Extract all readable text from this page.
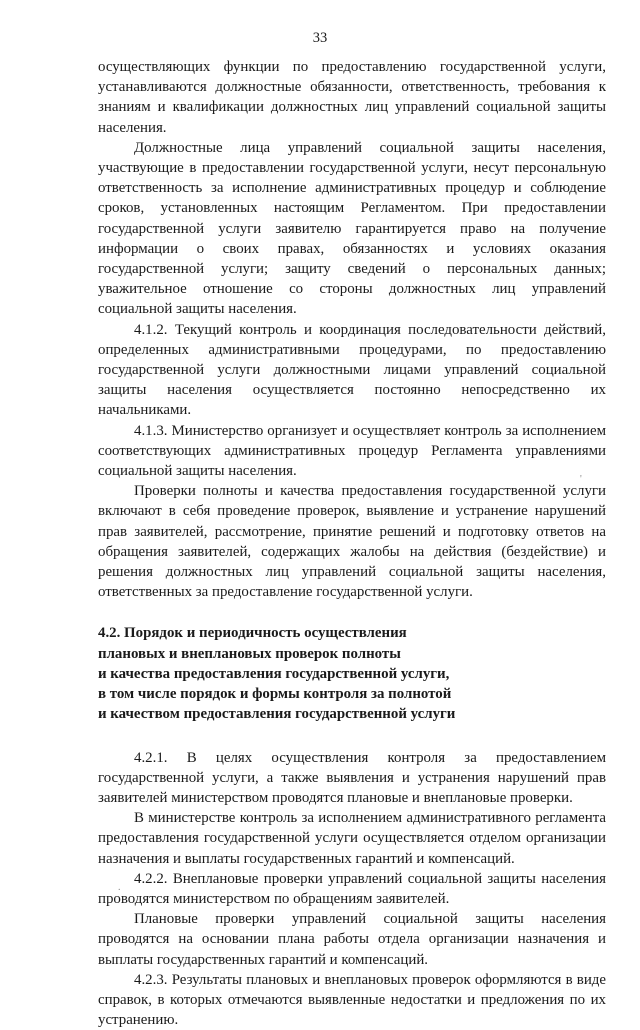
33

осуществляющих функции по предоставлению государственной услуги, устанавливаются должностные обязанности, ответственность, требования к знаниям и квалификации должностных лиц управлений социальной защиты населения.

Должностные лица управлений социальной защиты населения, участвующие в предоставлении государственной услуги, несут персональную ответственность за исполнение административных процедур и соблюдение сроков, установленных настоящим Регламентом. При предоставлении государственной услуги заявителю гарантируется право на получение информации о своих правах, обязанностях и условиях оказания государственной услуги; защиту сведений о персональных данных; уважительное отношение со стороны должностных лиц управлений социальной защиты населения.

4.1.2. Текущий контроль и координация последовательности действий, определенных административными процедурами, по предоставлению государственной услуги должностными лицами управлений социальной защиты населения осуществляется постоянно непосредственно их начальниками.

4.1.3. Министерство организует и осуществляет контроль за исполнением соответствующих административных процедур Регламента управлениями социальной защиты населения.

Проверки полноты и качества предоставления государственной услуги включают в себя проведение проверок, выявление и устранение нарушений прав заявителей, рассмотрение, принятие решений и подготовку ответов на обращения заявителей, содержащих жалобы на действия (бездействие) и решения должностных лиц управлений социальной защиты населения, ответственных за предоставление государственной услуги.

4.2. Порядок и периодичность осуществления

плановых и внеплановых проверок полноты

и качества предоставления государственной услуги,

в том числе порядок и формы контроля за полнотой

и качеством предоставления государственной услуги

4.2.1. В целях осуществления контроля за предоставлением государственной услуги, а также выявления и устранения нарушений прав заявителей министерством проводятся плановые и внеплановые проверки.

В министерстве контроль за исполнением административного регламента предоставления государственной услуги осуществляется отделом организации назначения и выплаты государственных гарантий и компенсаций.

4.2.2. Внеплановые проверки управлений социальной защиты населения проводятся министерством по обращениям заявителей.

Плановые проверки управлений социальной защиты населения проводятся на основании плана работы отдела организации назначения и выплаты государственных гарантий и компенсаций.

4.2.3. Результаты плановых и внеплановых проверок оформляются в виде справок, в которых отмечаются выявленные недостатки и предложения по их устранению.

'
.
